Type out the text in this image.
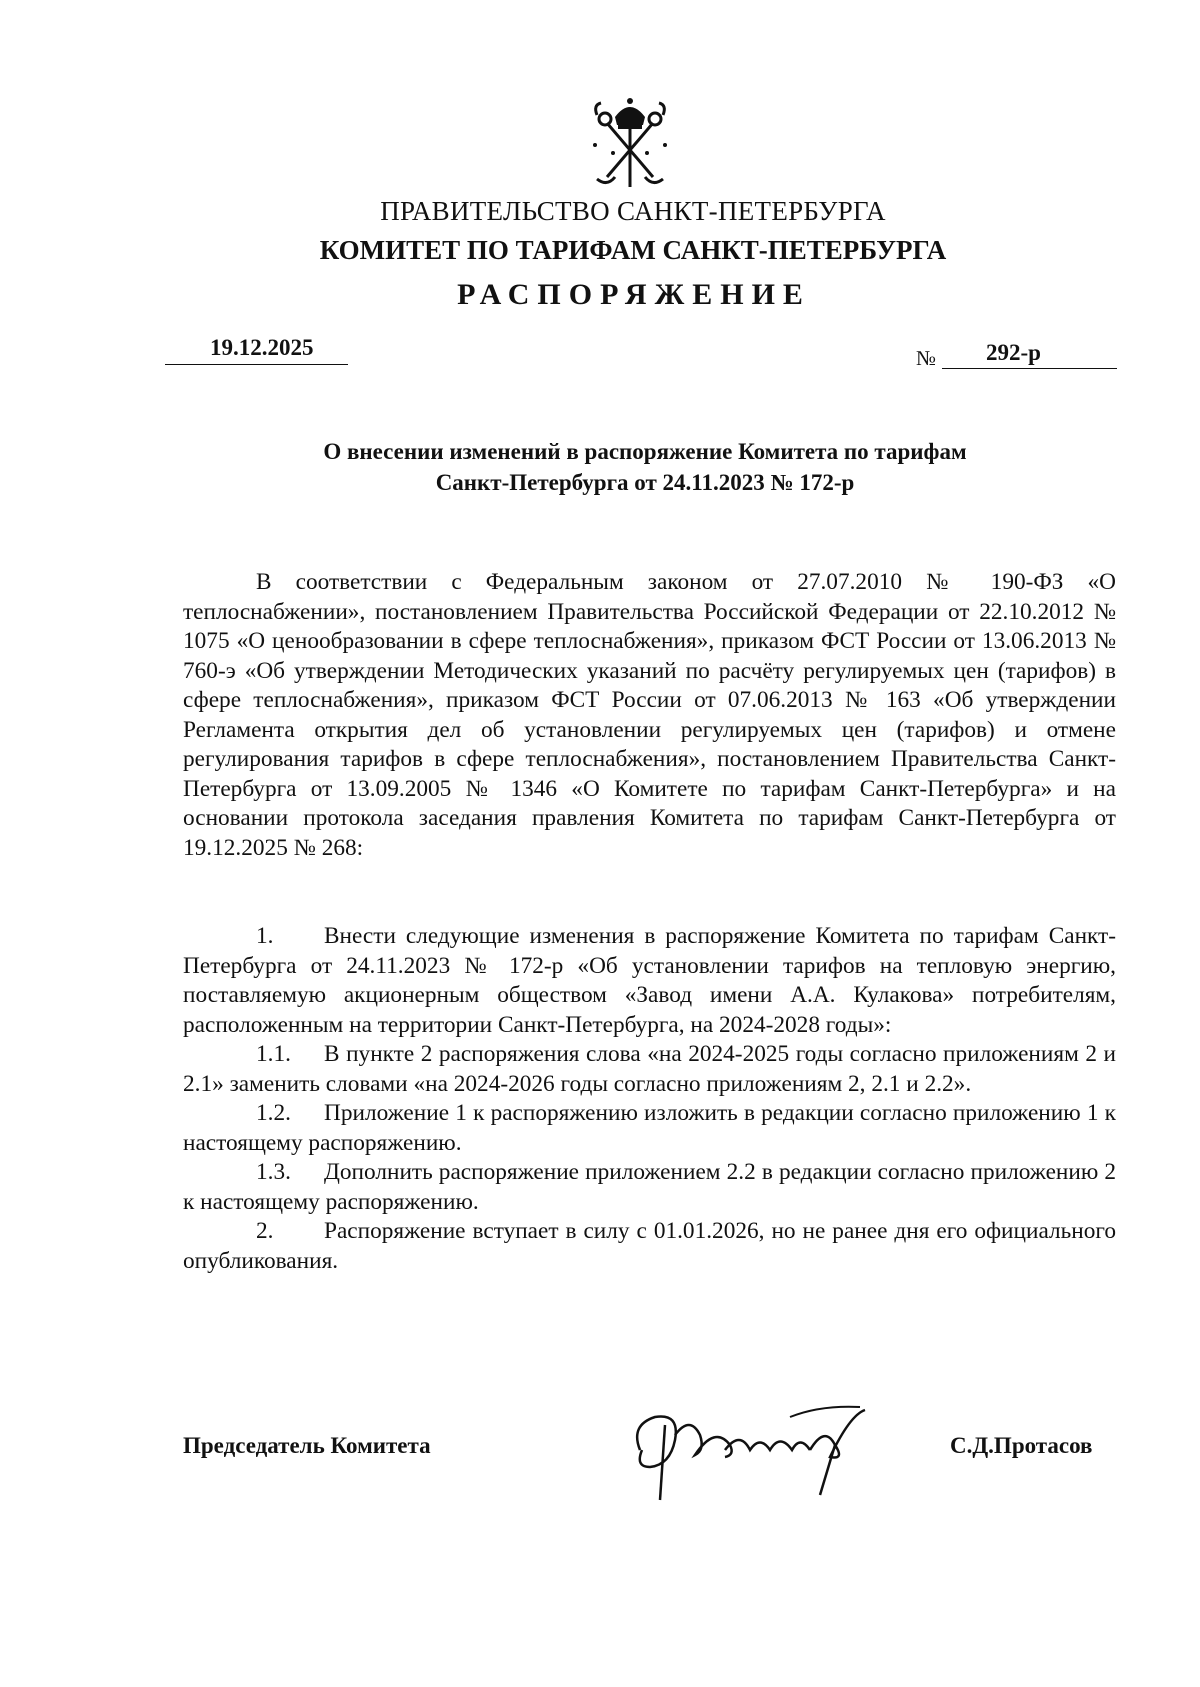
ПРАВИТЕЛЬСТВО САНКТ-ПЕТЕРБУРГА
КОМИТЕТ ПО ТАРИФАМ САНКТ-ПЕТЕРБУРГА
РАСПОРЯЖЕНИЕ
19.12.2025	№ 292-р
О внесении изменений в распоряжение Комитета по тарифам
Санкт-Петербурга от 24.11.2023 № 172-р

В соответствии с Федеральным законом от 27.07.2010 № 190-ФЗ «О теплоснабжении», постановлением Правительства Российской Федерации от 22.10.2012 № 1075 «О ценообразовании в сфере теплоснабжения», приказом ФСТ России от 13.06.2013 № 760-э «Об утверждении Методических указаний по расчёту регулируемых цен (тарифов) в сфере теплоснабжения», приказом ФСТ России от 07.06.2013 № 163 «Об утверждении Регламента открытия дел об установлении регулируемых цен (тарифов) и отмене регулирования тарифов в сфере теплоснабжения», постановлением Правительства Санкт-Петербурга от 13.09.2005 № 1346 «О Комитете по тарифам Санкт-Петербурга» и на основании протокола заседания правления Комитета по тарифам Санкт-Петербурга от 19.12.2025 № 268:

1. Внести следующие изменения в распоряжение Комитета по тарифам Санкт-Петербурга от 24.11.2023 № 172-р «Об установлении тарифов на тепловую энергию, поставляемую акционерным обществом «Завод имени А.А. Кулакова» потребителям, расположенным на территории Санкт-Петербурга, на 2024-2028 годы»:

1.1. В пункте 2 распоряжения слова «на 2024-2025 годы согласно приложениям 2 и 2.1» заменить словами «на 2024-2026 годы согласно приложениям 2, 2.1 и 2.2».

1.2. Приложение 1 к распоряжению изложить в редакции согласно приложению 1 к настоящему распоряжению.

1.3. Дополнить распоряжение приложением 2.2 в редакции согласно приложению 2 к настоящему распоряжению.

2. Распоряжение вступает в силу с 01.01.2026, но не ранее дня его официального опубликования.

Председатель Комитета	С.Д.Протасов
